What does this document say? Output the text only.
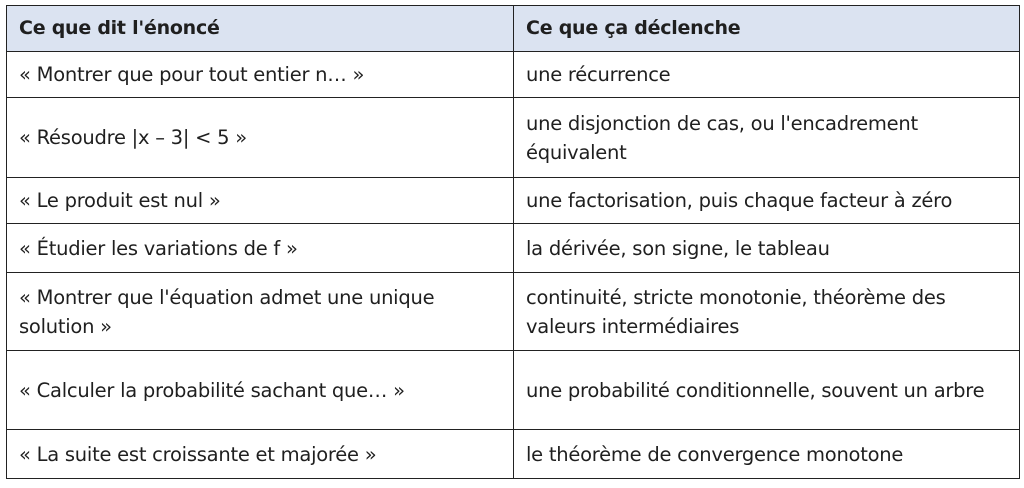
Ce que dit l'énoncé	Ce que ça déclenche
« Montrer que pour tout entier n… »	une récurrence
« Résoudre |x – 3| < 5 »	une disjonction de cas, ou l'encadrement équivalent
« Le produit est nul »	une factorisation, puis chaque facteur à zéro
« Étudier les variations de f »	la dérivée, son signe, le tableau
« Montrer que l'équation admet une unique solution »	continuité, stricte monotonie, théorème des valeurs intermédiaires
« Calculer la probabilité sachant que… »	une probabilité conditionnelle, souvent un arbre
« La suite est croissante et majorée »	le théorème de convergence monotone
